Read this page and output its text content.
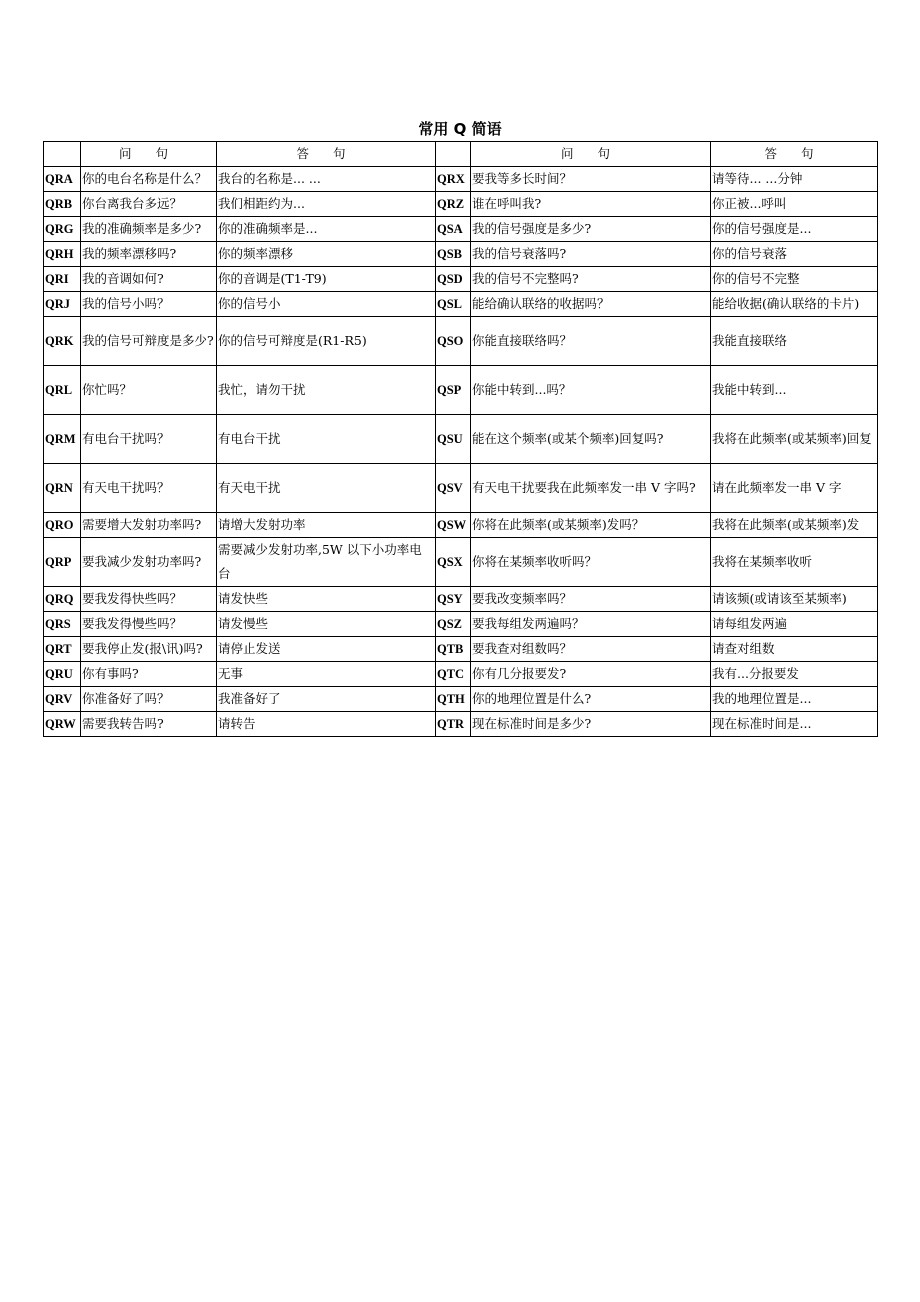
常用 Q 简语
	问 句	答 句		问 句	答 句
QRA	你的电台名称是什么？	我台的名称是... ...	QRX	要我等多长时间？	请等待... ...分钟
QRB	你台离我台多远？	我们相距约为...	QRZ	谁在呼叫我?	你正被...呼叫
QRG	我的准确频率是多少?	你的准确频率是...	QSA	我的信号强度是多少?	你的信号强度是...
QRH	我的频率漂移吗?	你的频率漂移	QSB	我的信号衰落吗?	你的信号衰落
QRI	我的音调如何?	你的音调是(T1-T9)	QSD	我的信号不完整吗?	你的信号不完整
QRJ	我的信号小吗？	你的信号小	QSL	能给确认联络的收据吗？	能给收据(确认联络的卡片)
QRK	我的信号可辩度是多少?	你的信号可辩度是(R1-R5)	QSO	你能直接联络吗？	我能直接联络
QRL	你忙吗？	我忙，请勿干扰	QSP	你能中转到...吗？	我能中转到...
QRM	有电台干扰吗？	有电台干扰	QSU	能在这个频率(或某个频率)回复吗?	我将在此频率(或某频率)回复
QRN	有天电干扰吗？	有天电干扰	QSV	有天电干扰要我在此频率发一串 V 字吗?	请在此频率发一串 V 字
QRO	需要增大发射功率吗?	请增大发射功率	QSW	你将在此频率(或某频率)发吗？	我将在此频率(或某频率)发
QRP	要我减少发射功率吗?	需要减少发射功率,5W 以下小功率电台	QSX	你将在某频率收听吗？	我将在某频率收听
QRQ	要我发得快些吗？	请发快些	QSY	要我改变频率吗？	请该频(或请该至某频率)
QRS	要我发得慢些吗？	请发慢些	QSZ	要我每组发两遍吗？	请每组发两遍
QRT	要我停止发(报\讯)吗?	请停止发送	QTB	要我查对组数吗？	请查对组数
QRU	你有事吗?	无事	QTC	你有几分报要发?	我有...分报要发
QRV	你准备好了吗？	我准备好了	QTH	你的地理位置是什么?	我的地理位置是...
QRW	需要我转告吗?	请转告	QTR	现在标准时间是多少?	现在标准时间是...
